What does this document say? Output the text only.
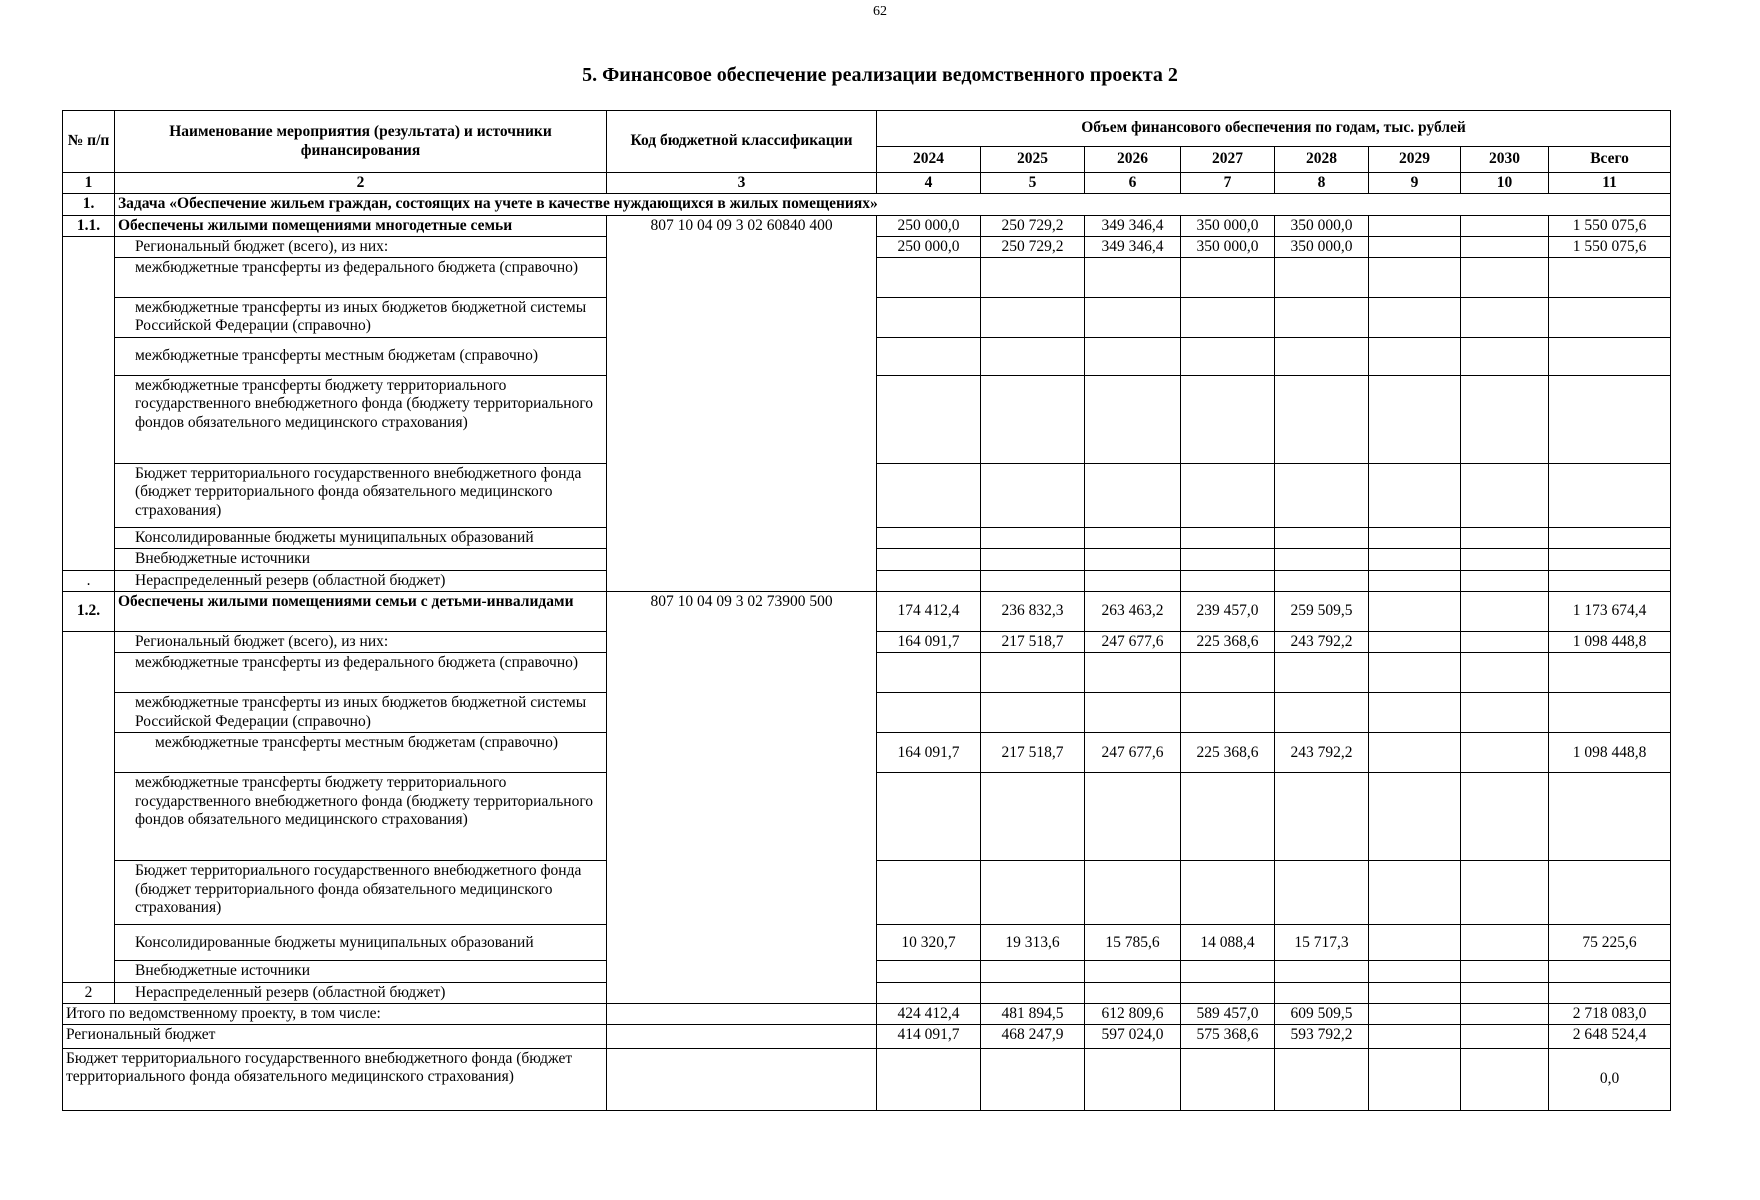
62
5. Финансовое обеспечение реализации ведомственного проекта 2
№ п/п	Наименование мероприятия (результата) и источники финансирования	Код бюджетной классификации	Объем финансового обеспечения по годам, тыс. рублей							
			2024	2025	2026	2027	2028	2029	2030	Всего
1	2	3	4	5	6	7	8	9	10	11
1.	Задача «Обеспечение жильем граждан, состоящих на учете в качестве нуждающихся в жилых помещениях»									
1.1.	Обеспечены жилыми помещениями многодетные семьи	807 10 04 09 3 02 60840 400	250 000,0	250 729,2	349 346,4	350 000,0	350 000,0			1 550 075,6
	Региональный бюджет (всего), из них:		250 000,0	250 729,2	349 346,4	350 000,0	350 000,0			1 550 075,6
	межбюджетные трансферты из федерального бюджета (справочно)									
	межбюджетные трансферты из иных бюджетов бюджетной системы Российской Федерации (справочно)									
	межбюджетные трансферты местным бюджетам (справочно)									
	межбюджетные трансферты бюджету территориального государственного внебюджетного фонда (бюджету территориального фондов обязательного медицинского страхования)									
	Бюджет территориального государственного внебюджетного фонда (бюджет территориального фонда обязательного медицинского страхования)									
	Консолидированные бюджеты муниципальных образований									
	Внебюджетные источники									
.	Нераспределенный резерв (областной бюджет)									
1.2.	Обеспечены жилыми помещениями семьи с детьми-инвалидами	807 10 04 09 3 02 73900 500	174 412,4	236 832,3	263 463,2	239 457,0	259 509,5			1 173 674,4
	Региональный бюджет (всего), из них:		164 091,7	217 518,7	247 677,6	225 368,6	243 792,2			1 098 448,8
	межбюджетные трансферты из федерального бюджета (справочно)									
	межбюджетные трансферты из иных бюджетов бюджетной системы Российской Федерации (справочно)									
	межбюджетные трансферты местным бюджетам (справочно)		164 091,7	217 518,7	247 677,6	225 368,6	243 792,2			1 098 448,8
	межбюджетные трансферты бюджету территориального государственного внебюджетного фонда (бюджету территориального фондов обязательного медицинского страхования)									
	Бюджет территориального государственного внебюджетного фонда (бюджет территориального фонда обязательного медицинского страхования)									
	Консолидированные бюджеты муниципальных образований		10 320,7	19 313,6	15 785,6	14 088,4	15 717,3			75 225,6
	Внебюджетные источники									
2	Нераспределенный резерв (областной бюджет)									
Итого по ведомственному проекту, в том числе:			424 412,4	481 894,5	612 809,6	589 457,0	609 509,5			2 718 083,0
Региональный бюджет			414 091,7	468 247,9	597 024,0	575 368,6	593 792,2			2 648 524,4
Бюджет территориального государственного внебюджетного фонда (бюджет территориального фонда обязательного медицинского страхования)										0,0
